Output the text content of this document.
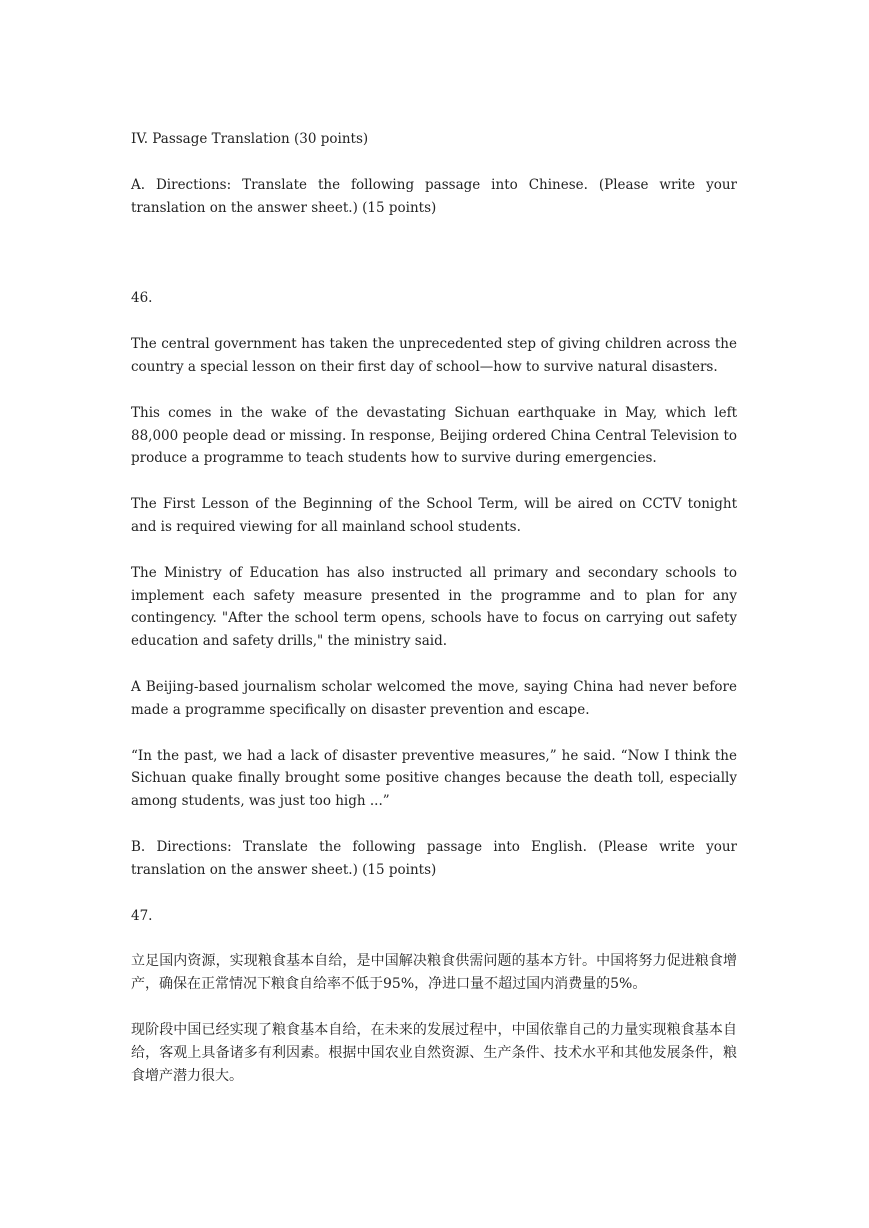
IV. Passage Translation (30 points)

A. Directions: Translate the following passage into Chinese. (Please write your translation on the answer sheet.) (15 points)

46.

The central government has taken the unprecedented step of giving children across the country a special lesson on their first day of school—how to survive natural disasters.

This comes in the wake of the devastating Sichuan earthquake in May, which left 88,000 people dead or missing. In response, Beijing ordered China Central Television to produce a programme to teach students how to survive during emergencies.

The First Lesson of the Beginning of the School Term, will be aired on CCTV tonight and is required viewing for all mainland school students.

The Ministry of Education has also instructed all primary and secondary schools to implement each safety measure presented in the programme and to plan for any contingency. "After the school term opens, schools have to focus on carrying out safety education and safety drills," the ministry said.

A Beijing-based journalism scholar welcomed the move, saying China had never before made a programme specifically on disaster prevention and escape.

“In the past, we had a lack of disaster preventive measures,” he said. “Now I think the Sichuan quake finally brought some positive changes because the death toll, especially among students, was just too high ...”

B. Directions: Translate the following passage into English. (Please write your translation on the answer sheet.) (15 points)

47.

立足国内资源，实现粮食基本自给，是中国解决粮食供需问题的基本方针。中国将努力促进粮食增产，确保在正常情况下粮食自给率不低于95%，净进口量不超过国内消费量的5%。

现阶段中国已经实现了粮食基本自给，在未来的发展过程中，中国依靠自己的力量实现粮食基本自给，客观上具备诸多有利因素。根据中国农业自然资源、生产条件、技术水平和其他发展条件，粮食增产潜力很大。
